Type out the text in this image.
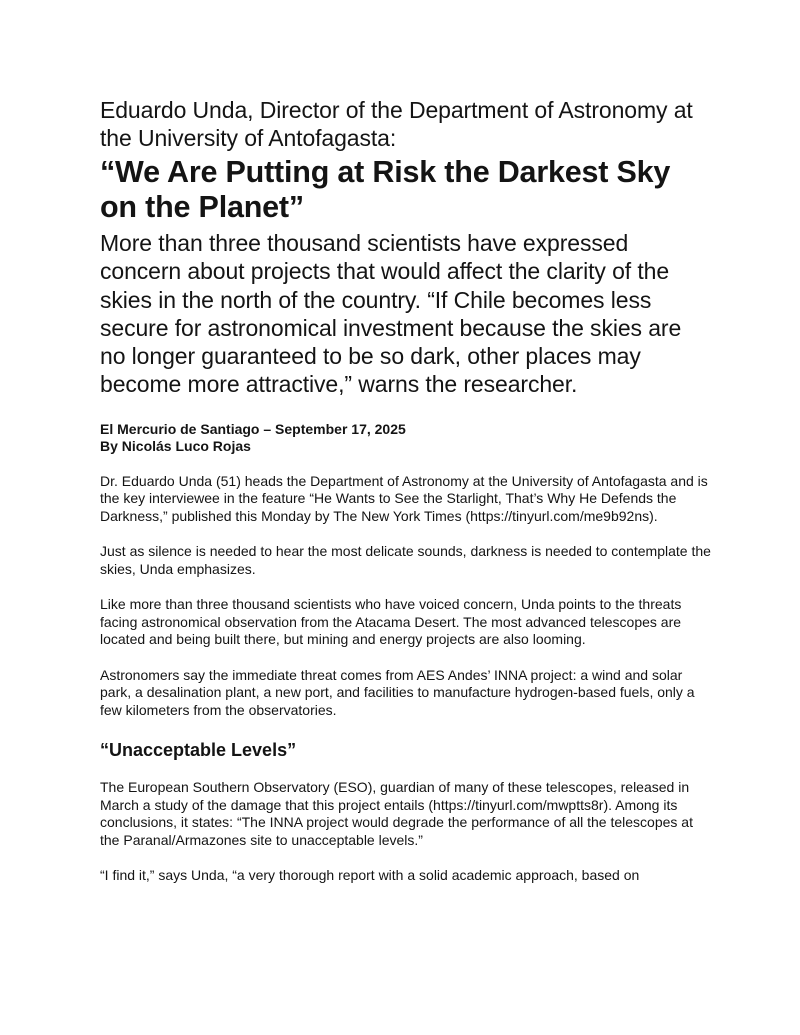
Eduardo Unda, Director of the Department of Astronomy at the University of Antofagasta:
“We Are Putting at Risk the Darkest Sky on the Planet”

More than three thousand scientists have expressed concern about projects that would affect the clarity of the skies in the north of the country. “If Chile becomes less secure for astronomical investment because the skies are no longer guaranteed to be so dark, other places may become more attractive,” warns the researcher.

El Mercurio de Santiago – September 17, 2025
By Nicolás Luco Rojas

Dr. Eduardo Unda (51) heads the Department of Astronomy at the University of Antofagasta and is the key interviewee in the feature “He Wants to See the Starlight, That’s Why He Defends the Darkness,” published this Monday by The New York Times (https://tinyurl.com/me9b92ns).

Just as silence is needed to hear the most delicate sounds, darkness is needed to contemplate the skies, Unda emphasizes.

Like more than three thousand scientists who have voiced concern, Unda points to the threats facing astronomical observation from the Atacama Desert. The most advanced telescopes are located and being built there, but mining and energy projects are also looming.

Astronomers say the immediate threat comes from AES Andes’ INNA project: a wind and solar park, a desalination plant, a new port, and facilities to manufacture hydrogen-based fuels, only a few kilometers from the observatories.

“Unacceptable Levels”

The European Southern Observatory (ESO), guardian of many of these telescopes, released in March a study of the damage that this project entails (https://tinyurl.com/mwptts8r). Among its conclusions, it states: “The INNA project would degrade the performance of all the telescopes at the Paranal/Armazones site to unacceptable levels.”

“I find it,” says Unda, “a very thorough report with a solid academic approach, based on
